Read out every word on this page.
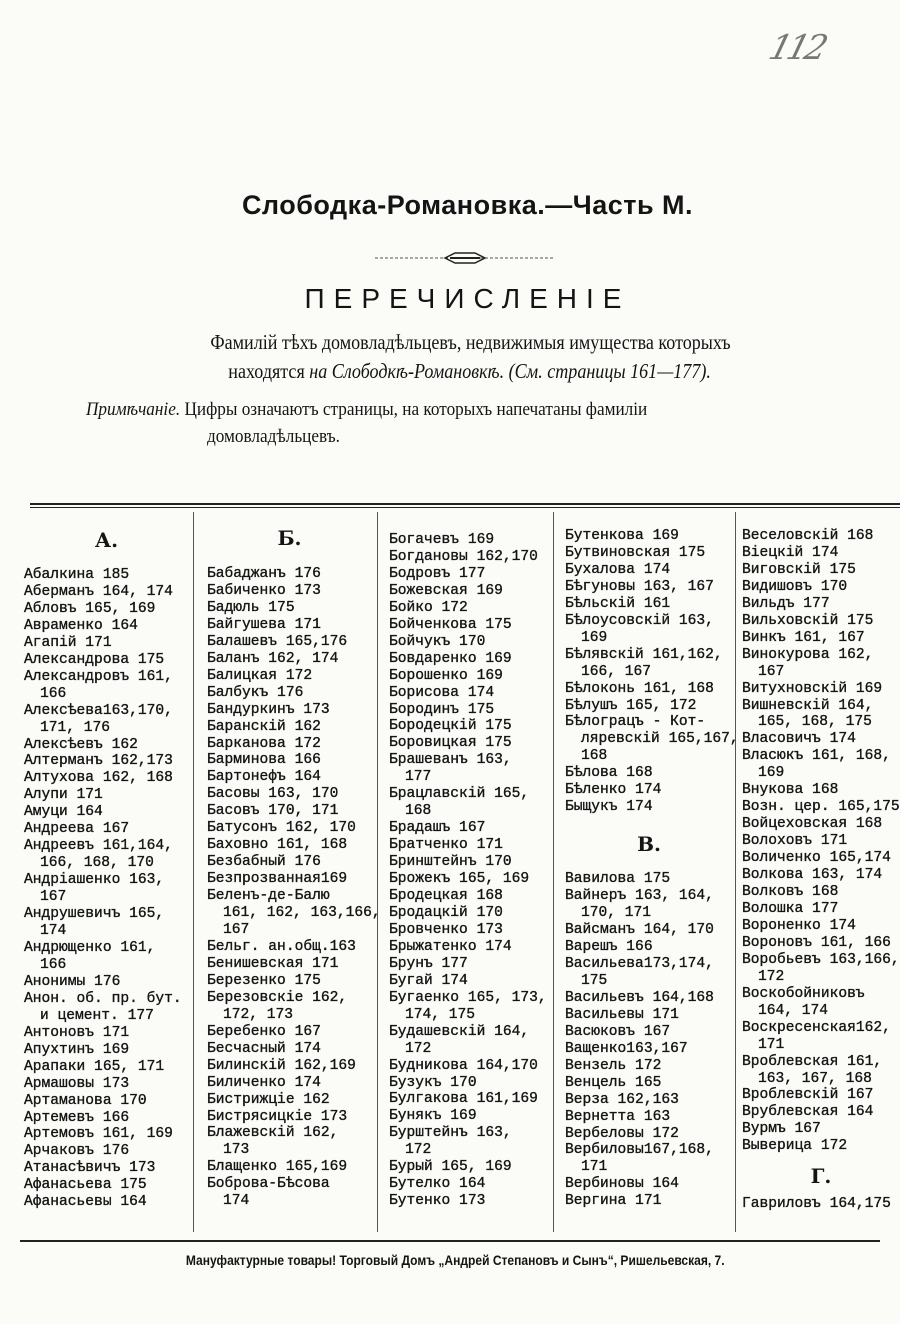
112
Слободка-Романовка.—Часть М.
ПЕРЕЧИСЛЕНІЕ
Фамилій тѣхъ домовладѣльцевъ, недвижимыя имущества которыхъ
находятся на Слободкѣ-Романовкѣ. (См. страницы 161—177).
Примѣчаніе. Цифры означаютъ страницы, на которыхъ напечатаны фамиліи
домовладѣльцевъ.
А.
Абалкина 185
Аберманъ 164, 174
Абловъ 165, 169
Авраменко 164
Агапій 171
Александрова 175
Александровъ 161,
166
Алексѣева163,170,
171, 176
Алексѣевъ 162
Алтерманъ 162,173
Алтухова 162, 168
Алупи 171
Амуци 164
Андреева 167
Андреевъ 161,164,
166, 168, 170
Андріашенко 163,
167
Андрушевичъ 165,
174
Андрющенко 161,
166
Анонимы 176
Анон. об. пр. бут.
и цемент. 177
Антоновъ 171
Апухтинъ 169
Арапаки 165, 171
Армашовы 173
Артаманова 170
Артемевъ 166
Артемовъ 161, 169
Арчаковъ 176
Атанасѣвичъ 173
Афанасьева 175
Афанасьевы 164
Б.
Бабаджанъ 176
Бабиченко 173
Бадюль 175
Байгушева 171
Балашевъ 165,176
Баланъ 162, 174
Балицкая 172
Балбукъ 176
Бандуркинъ 173
Баранскій 162
Барканова 172
Барминова 166
Бартонефъ 164
Басовы 163, 170
Басовъ 170, 171
Батусонъ 162, 170
Баховно 161, 168
Безбабный 176
Безпрозванная169
Беленъ-де-Балю
161, 162, 163,166,
167
Бельг. ан.общ.163
Бенишевская 171
Березенко 175
Березовскіе 162,
172, 173
Беребенко 167
Бесчасный 174
Билинскій 162,169
Биличенко 174
Бистрижціе 162
Бистрясицкіе 173
Блажевскій 162,
173
Блащенко 165,169
Боброва-Бѣсова
174
Богачевъ 169
Богдановы 162,170
Бодровъ 177
Божевская 169
Бойко 172
Бойченкова 175
Бойчукъ 170
Бовдаренко 169
Борошенко 169
Борисова 174
Бородинъ 175
Бородецкій 175
Боровицкая 175
Брашеванъ 163,
177
Брацлавскій 165,
168
Брадашъ 167
Братченко 171
Бринштейнъ 170
Брожекъ 165, 169
Бродецкая 168
Бродацкій 170
Бровченко 173
Брыжатенко 174
Брунъ 177
Бугай 174
Бугаенко 165, 173,
174, 175
Будашевскій 164,
172
Будникова 164,170
Бузукъ 170
Булгакова 161,169
Бунякъ 169
Бурштейнъ 163,
172
Бурый 165, 169
Бутелко 164
Бутенко 173
Бутенкова 169
Бутвиновская 175
Бухалова 174
Бѣгуновы 163, 167
Бѣльскій 161
Бѣлоусовскій 163,
169
Бѣлявскій 161,162,
166, 167
Бѣлоконь 161, 168
Бѣлушъ 165, 172
Бѣлограцъ - Кот-
ляревскій 165,167,
168
Бѣлова 168
Бѣленко 174
Быщукъ 174
В.
Вавилова 175
Вайнеръ 163, 164,
170, 171
Вайсманъ 164, 170
Варешъ 166
Васильева173,174,
175
Васильевъ 164,168
Васильевы 171
Васюковъ 167
Ващенко163,167
Вензель 172
Венцель 165
Верза 162,163
Вернетта 163
Вербеловы 172
Вербиловы167,168,
171
Вербиновы 164
Вергина 171
Веселовскій 168
Віецкій 174
Виговскій 175
Видишовъ 170
Вильдъ 177
Вильховскій 175
Винкъ 161, 167
Винокурова 162,
167
Витухновскій 169
Вишневскій 164,
165, 168, 175
Власовичъ 174
Власюкъ 161, 168,
169
Внукова 168
Возн. цер. 165,175
Войцеховская 168
Волоховъ 171
Воличенко 165,174
Волкова 163, 174
Волковъ 168
Волошка 177
Вороненко 174
Вороновъ 161, 166
Воробьевъ 163,166,
172
Воскобойниковъ
164, 174
Воскресенская162,
171
Вроблевская 161,
163, 167, 168
Вроблевскій 167
Врублевская 164
Вурмъ 167
Выверица 172
Г.
Гавриловъ 164,175
Мануфактурные товары! Торговый Домъ „Андрей Степановъ и Сынъ“, Ришельевская, 7.
